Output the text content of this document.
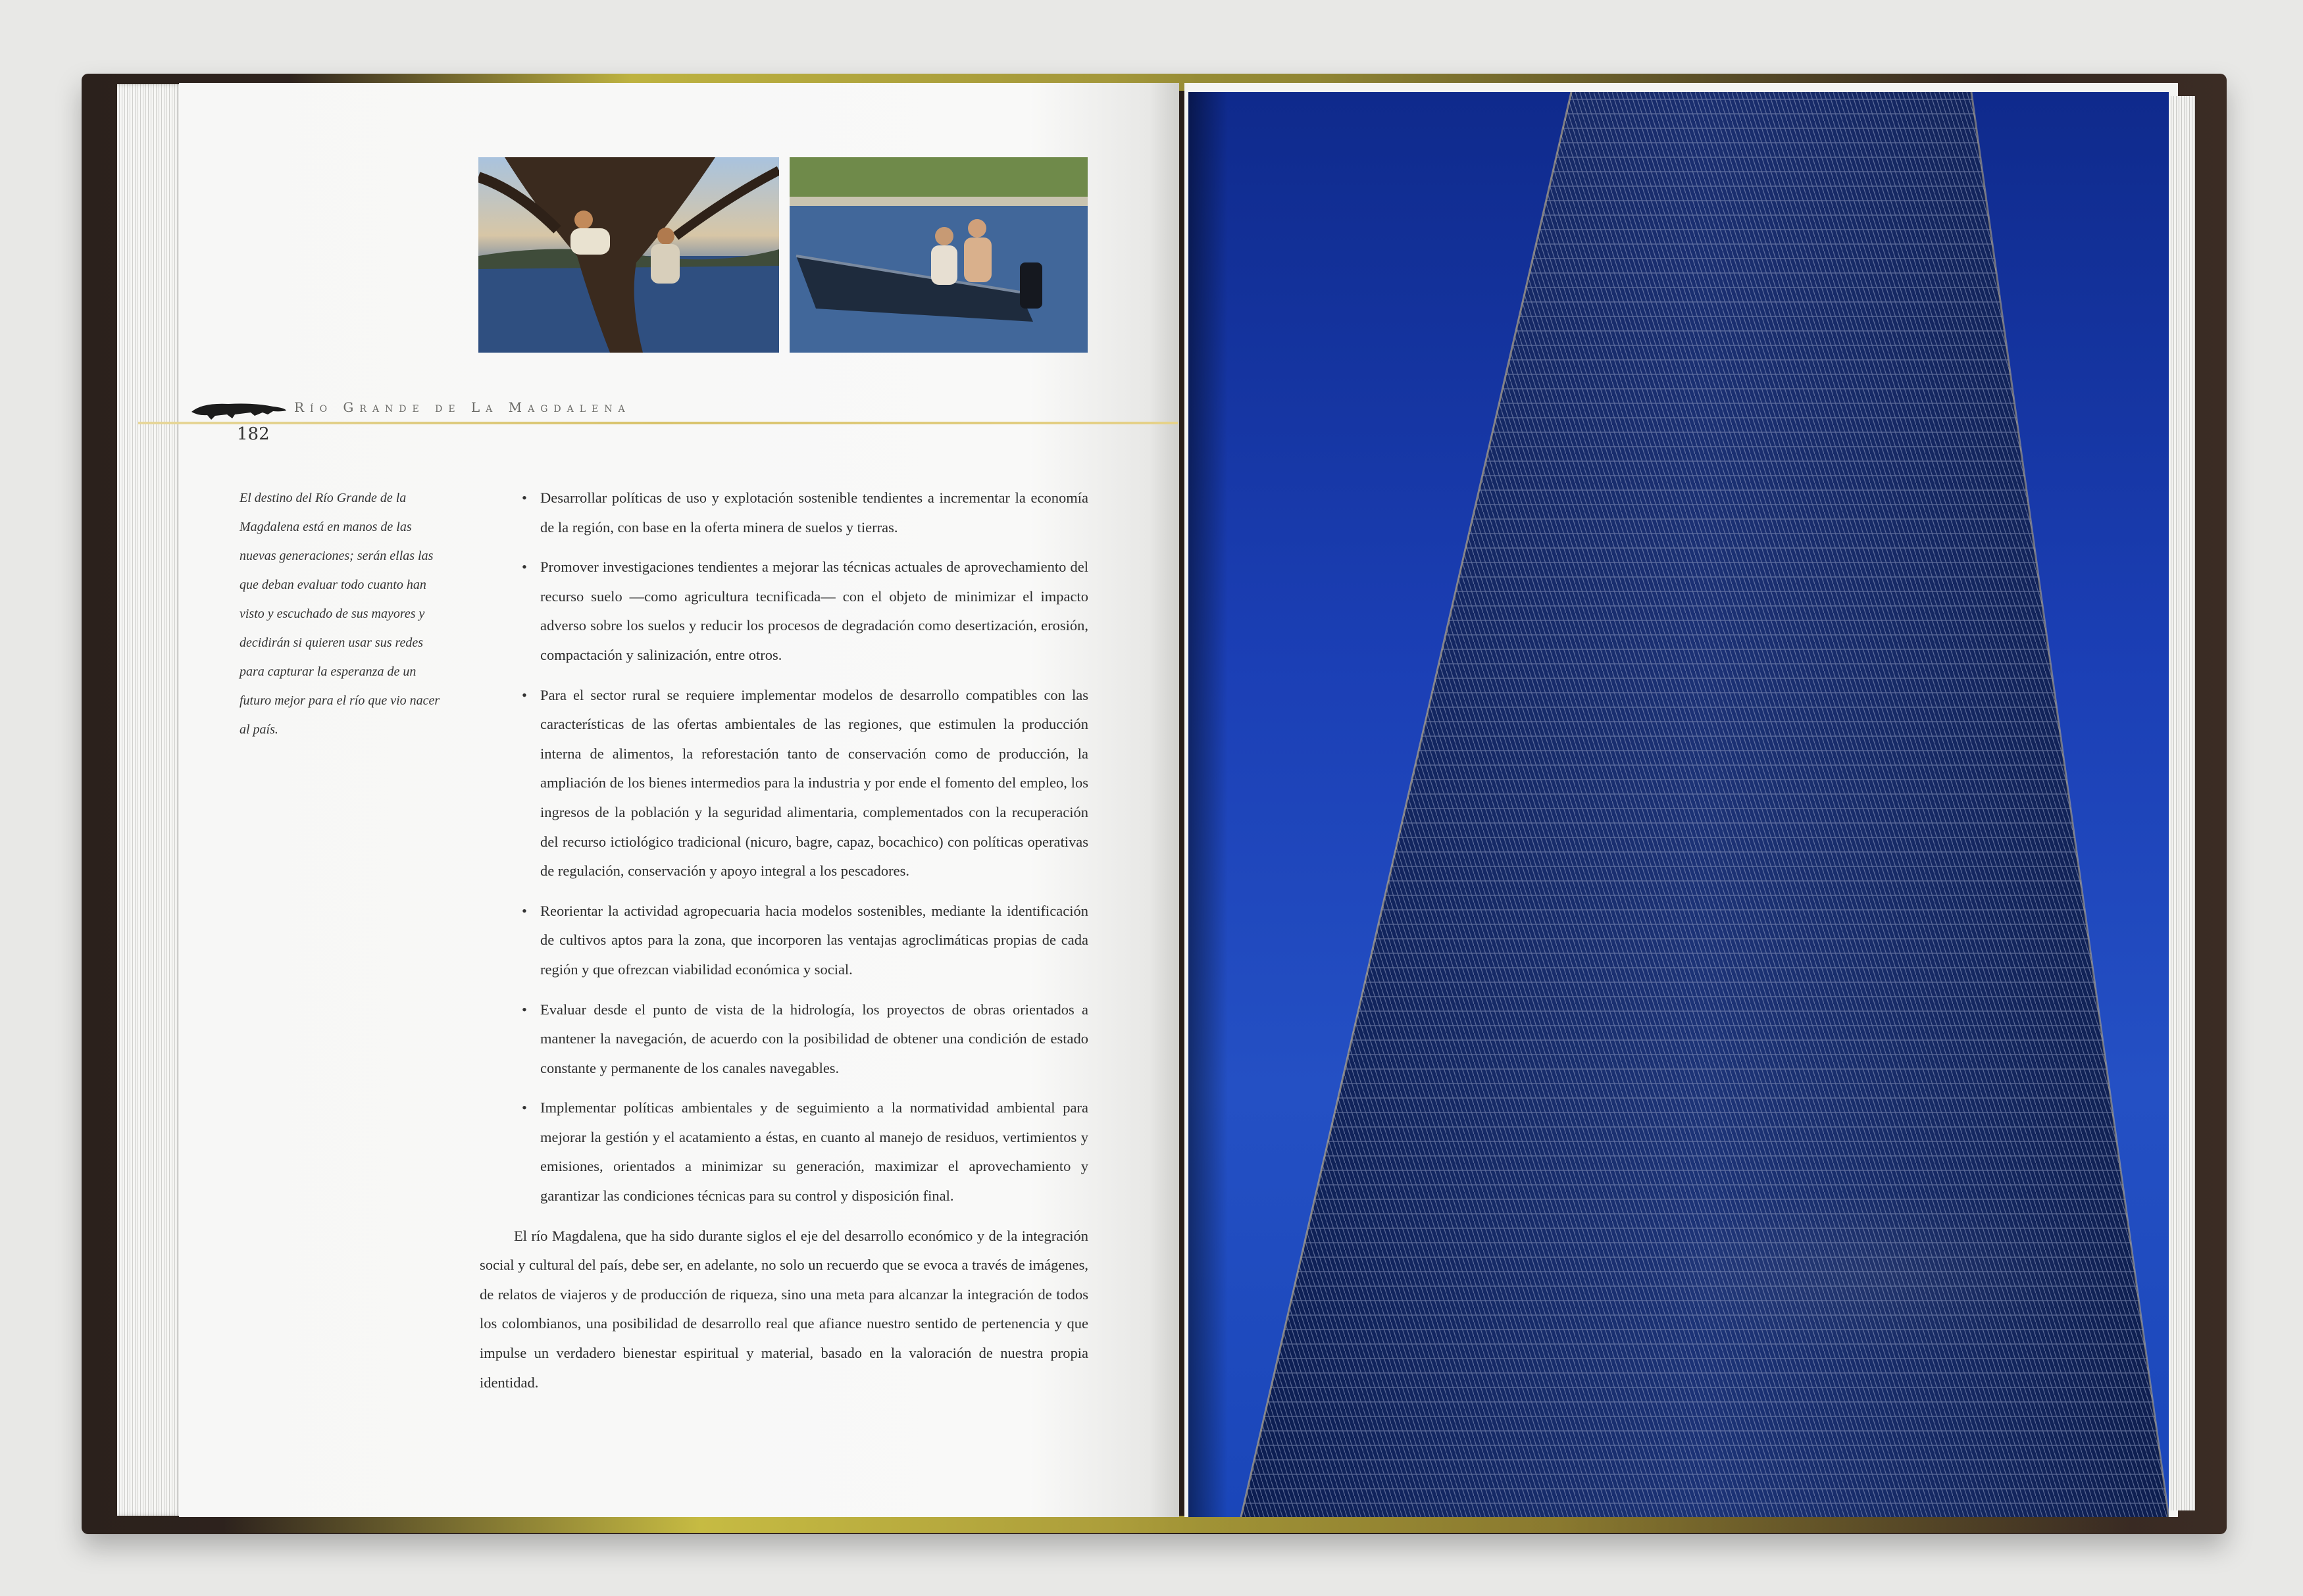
Río Grande de La Magdalena
182

El destino del Río Grande de la Magdalena está en manos de las nuevas generaciones; serán ellas las que deban evaluar todo cuanto han visto y escuchado de sus mayores y decidirán si quieren usar sus redes para capturar la esperanza de un futuro mejor para el río que vio nacer al país.

• Desarrollar políticas de uso y explotación sostenible tendientes a incrementar la economía de la región, con base en la oferta minera de suelos y tierras.
• Promover investigaciones tendientes a mejorar las técnicas actuales de aprovechamiento del recurso suelo —como agricultura tecnificada— con el objeto de minimizar el impacto adverso sobre los suelos y reducir los procesos de degradación como desertización, erosión, compactación y salinización, entre otros.
• Para el sector rural se requiere implementar modelos de desarrollo compatibles con las características de las ofertas ambientales de las regiones, que estimulen la producción interna de alimentos, la reforestación tanto de conservación como de producción, la ampliación de los bienes intermedios para la industria y por ende el fomento del empleo, los ingresos de la población y la seguridad alimentaria, complementados con la recuperación del recurso ictiológico tradicional (nicuro, bagre, capaz, bocachico) con políticas operativas de regulación, conservación y apoyo integral a los pescadores.
• Reorientar la actividad agropecuaria hacia modelos sostenibles, mediante la identificación de cultivos aptos para la zona, que incorporen las ventajas agroclimáticas propias de cada región y que ofrezcan viabilidad económica y social.
• Evaluar desde el punto de vista de la hidrología, los proyectos de obras orientados a mantener la navegación, de acuerdo con la posibilidad de obtener una condición de estado constante y permanente de los canales navegables.
• Implementar políticas ambientales y de seguimiento a la normatividad ambiental para mejorar la gestión y el acatamiento a éstas, en cuanto al manejo de residuos, vertimientos y emisiones, orientados a minimizar su generación, maximizar el aprovechamiento y garantizar las condiciones técnicas para su control y disposición final.

El río Magdalena, que ha sido durante siglos el eje del desarrollo económico y de la integración social y cultural del país, debe ser, en adelante, no solo un recuerdo que se evoca a través de imágenes, de relatos de viajeros y de producción de riqueza, sino una meta para alcanzar la integración de todos los colombianos, una posibilidad de desarrollo real que afiance nuestro sentido de pertenencia y que impulse un verdadero bienestar espiritual y material, basado en la valoración de nuestra propia identidad.
